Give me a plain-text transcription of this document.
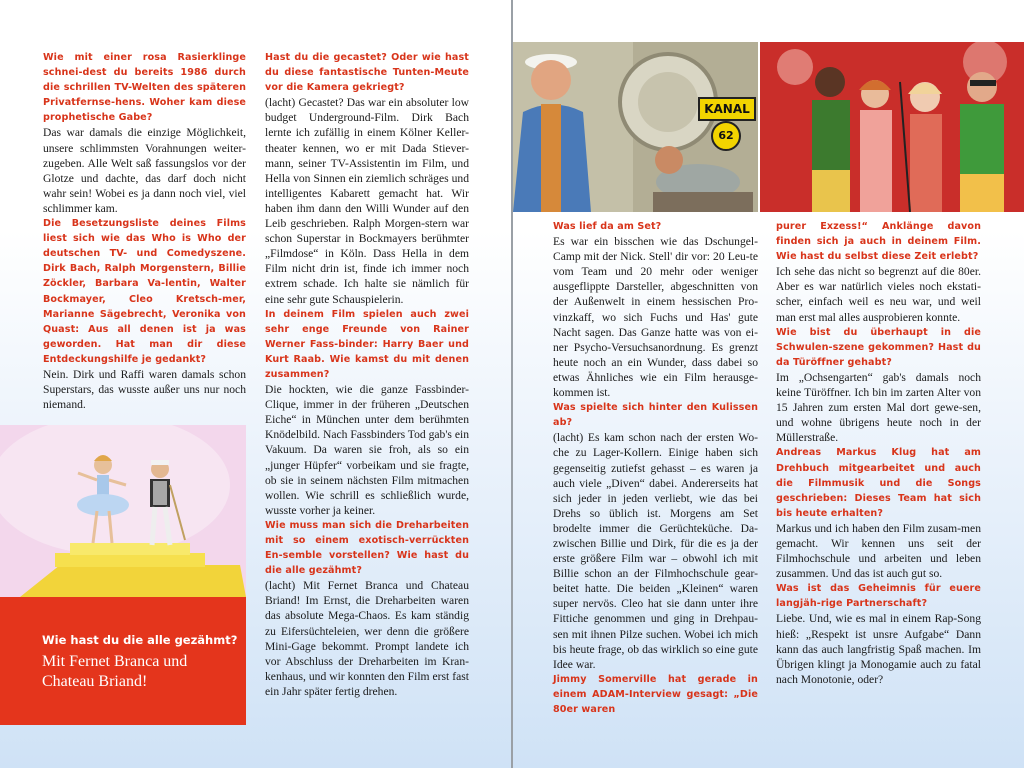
Wie mit einer rosa Rasierklinge schnei-dest du bereits 1986 durch die schrillen TV-Welten des späteren Privatfernse-hens. Woher kam diese prophetische Gabe?

Das war damals die einzige Möglichkeit, unsere schlimmsten Vorahnungen weiter-zugeben. Alle Welt saß fassungslos vor der Glotze und dachte, das darf doch nicht wahr sein! Wobei es ja dann noch viel, viel schlimmer kam.

Die Besetzungsliste deines Films liest sich wie das Who is Who der deutschen TV- und Comedyszene. Dirk Bach, Ralph Morgenstern, Billie Zöckler, Barbara Va-lentin, Walter Bockmayer, Cleo Kretsch-mer, Marianne Sägebrecht, Veronika von Quast: Aus all denen ist ja was geworden. Hat man dir diese Entdeckungshilfe je gedankt?

Nein. Dirk und Raffi waren damals schon Superstars, das wusste außer uns nur noch niemand.

Wie hast du die alle gezähmt?
Mit Fernet Branca und Chateau Briand!

Hast du die gecastet? Oder wie hast du diese fantastische Tunten-Meute vor die Kamera gekriegt?

(lacht) Gecastet? Das war ein absoluter low budget Underground-Film. Dirk Bach lernte ich zufällig in einem Kölner Keller-theater kennen, wo er mit Dada Stiever-mann, seiner TV-Assistentin im Film, und Hella von Sinnen ein ziemlich schräges und intelligentes Kabarett gemacht hat. Wir haben ihm dann den Willi Wunder auf den Leib geschrieben. Ralph Morgen-stern war schon Superstar in Bockmayers berühmter „Filmdose“ in Köln. Dass Hella in dem Film nicht drin ist, finde ich immer noch extrem schade. Ich halte sie nämlich für eine sehr gute Schauspielerin.

In deinem Film spielen auch zwei sehr enge Freunde von Rainer Werner Fass-binder: Harry Baer und Kurt Raab. Wie kamst du mit denen zusammen?

Die hockten, wie die ganze Fassbinder-Clique, immer in der früheren „Deutschen Eiche“ in München unter dem berühmten Knödelbild. Nach Fassbinders Tod gab's ein Vakuum. Da waren sie froh, als so ein „junger Hüpfer“ vorbeikam und sie fragte, ob sie in seinem nächsten Film mitmachen wollen. Wie schrill es schließlich wurde, wusste vorher ja keiner.

Wie muss man sich die Dreharbeiten mit so einem exotisch-verrückten En-semble vorstellen? Wie hast du die alle gezähmt?

(lacht) Mit Fernet Branca und Chateau Briand! Im Ernst, die Dreharbeiten waren das absolute Mega-Chaos. Es kam ständig zu Eifersüchteleien, wer denn die größere Mini-Gage bekommt. Prompt landete ich vor Abschluss der Dreharbeiten im Kran-kenhaus, und wir konnten den Film erst fast ein Jahr später fertig drehen.

KANAL
62

Was lief da am Set?

Es war ein bisschen wie das Dschungel-Camp mit der Nick. Stell' dir vor: 20 Leu-te vom Team und 20 mehr oder weniger ausgeflippte Darsteller, abgeschnitten von der Außenwelt in einem hessischen Pro-vinzkaff, wo sich Fuchs und Has' gute Nacht sagen. Das Ganze hatte was von ei-ner Psycho-Versuchsanordnung. Es grenzt heute noch an ein Wunder, dass dabei so etwas Ähnliches wie ein Film herausge-kommen ist.

Was spielte sich hinter den Kulissen ab?

(lacht) Es kam schon nach der ersten Wo-che zu Lager-Kollern. Einige haben sich gegenseitig zutiefst gehasst – es waren ja auch viele „Diven“ dabei. Andererseits hat sich jeder in jeden verliebt, wie das bei Drehs so üblich ist. Morgens am Set brodelte immer die Gerüchteküche. Da-zwischen Billie und Dirk, für die es ja der erste größere Film war – obwohl ich mit Billie schon an der Filmhochschule gear-beitet hatte. Die beiden „Kleinen“ waren super nervös. Cleo hat sie dann unter ihre Fittiche genommen und ging in Drehpau-sen mit ihnen Pilze suchen. Wobei ich mich bis heute frage, ob das wirklich so eine gute Idee war.

Jimmy Somerville hat gerade in einem ADAM-Interview gesagt: „Die 80er waren

purer Exzess!“ Anklänge davon finden sich ja auch in deinem Film. Wie hast du selbst diese Zeit erlebt?

Ich sehe das nicht so begrenzt auf die 80er. Aber es war natürlich vieles noch ekstati-scher, einfach weil es neu war, und weil man erst mal alles ausprobieren konnte.

Wie bist du überhaupt in die Schwulen-szene gekommen? Hast du da Türöffner gehabt?

Im „Ochsengarten“ gab's damals noch keine Türöffner. Ich bin im zarten Alter von 15 Jahren zum ersten Mal dort gewe-sen, und wohne übrigens heute noch in der Müllerstraße.

Andreas Markus Klug hat am Drehbuch mitgearbeitet und auch die Filmmusik und die Songs geschrieben: Dieses Team hat sich bis heute erhalten?

Markus und ich haben den Film zusam-men gemacht. Wir kennen uns seit der Filmhochschule und arbeiten und leben zusammen. Und das ist auch gut so.

Was ist das Geheimnis für euere langjäh-rige Partnerschaft?

Liebe. Und, wie es mal in einem Rap-Song hieß: „Respekt ist unsre Aufgabe“ Dann kann das auch langfristig Spaß machen. Im Übrigen klingt ja Monogamie auch zu fatal nach Monotonie, oder?
